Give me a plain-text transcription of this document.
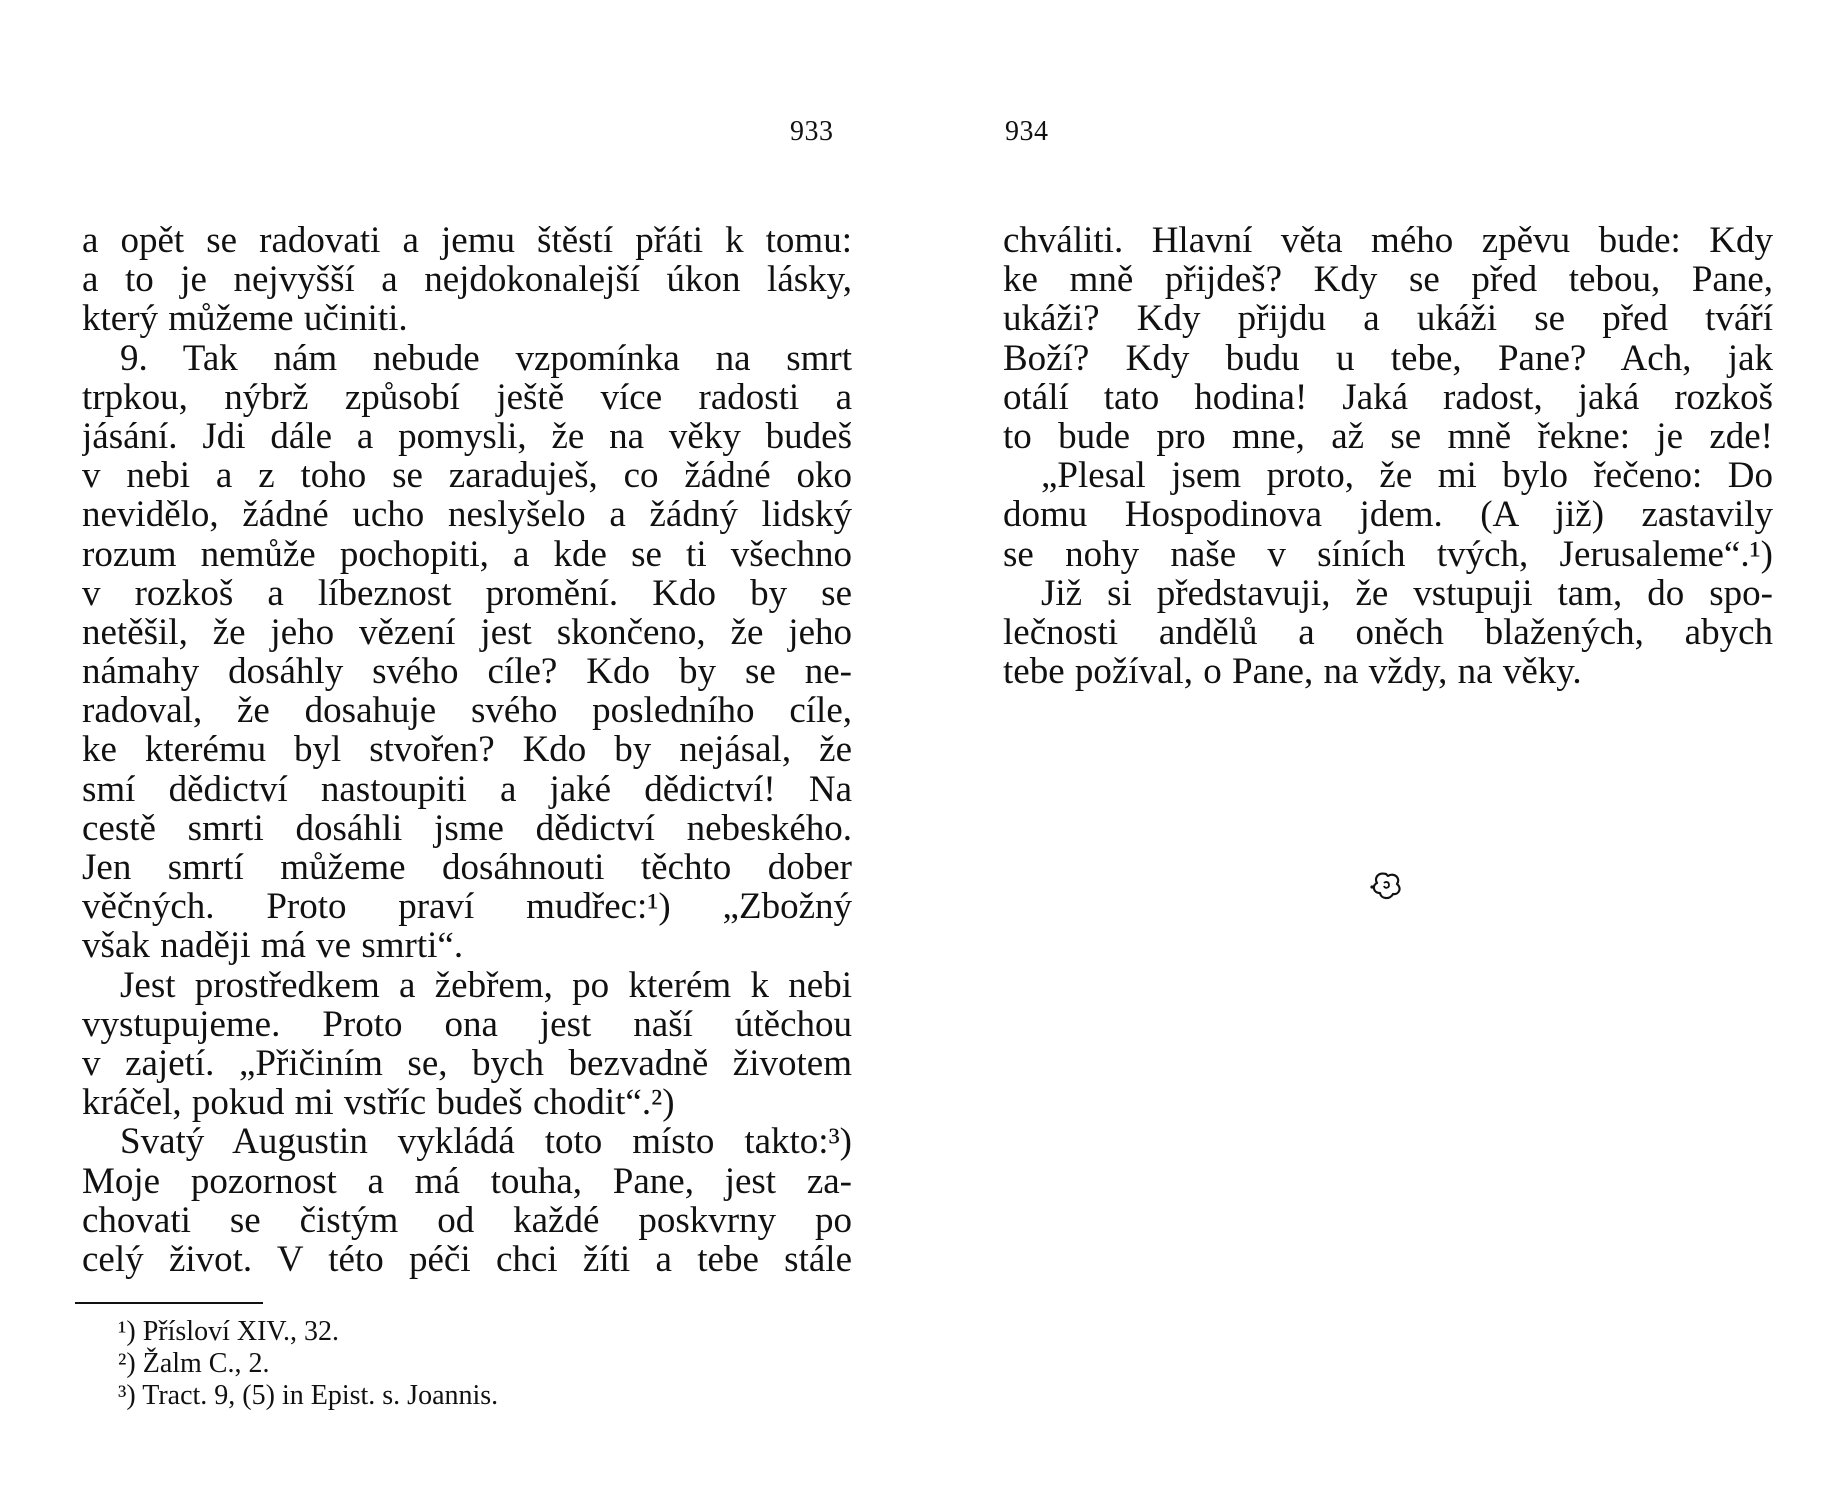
933	934
a opět se radovati a jemu štěstí přáti k tomu:
a to je nejvyšší a nejdokonalejší úkon lásky,
který můžeme učiniti.
9. Tak nám nebude vzpomínka na smrt
trpkou, nýbrž způsobí ještě více radosti a
jásání. Jdi dále a pomysli, že na věky budeš
v nebi a z toho se zaraduješ, co žádné oko
nevidělo, žádné ucho neslyšelo a žádný lidský
rozum nemůže pochopiti, a kde se ti všechno
v rozkoš a líbeznost promění. Kdo by se
netěšil, že jeho vězení jest skončeno, že jeho
námahy dosáhly svého cíle? Kdo by se ne-
radoval, že dosahuje svého posledního cíle,
ke kterému byl stvořen? Kdo by nejásal, že
smí dědictví nastoupiti a jaké dědictví! Na
cestě smrti dosáhli jsme dědictví nebeského.
Jen smrtí můžeme dosáhnouti těchto dober
věčných. Proto praví mudřec:¹) „Zbožný
však naději má ve smrti“.
Jest prostředkem a žebřem, po kterém k nebi
vystupujeme. Proto ona jest naší útěchou
v zajetí. „Přičiním se, bych bezvadně životem
kráčel, pokud mi vstříc budeš chodit“.²)
Svatý Augustin vykládá toto místo takto:³)
Moje pozornost a má touha, Pane, jest za-
chovati se čistým od každé poskvrny po
celý život. V této péči chci žíti a tebe stále
¹) Přísloví XIV., 32.
²) Žalm C., 2.
³) Tract. 9, (5) in Epist. s. Joannis.
chváliti. Hlavní věta mého zpěvu bude: Kdy
ke mně přijdeš? Kdy se před tebou, Pane,
ukáži? Kdy přijdu a ukáži se před tváří
Boží? Kdy budu u tebe, Pane? Ach, jak
otálí tato hodina! Jaká radost, jaká rozkoš
to bude pro mne, až se mně řekne: je zde!
„Plesal jsem proto, že mi bylo řečeno: Do
domu Hospodinova jdem. (A již) zastavily
se nohy naše v síních tvých, Jerusaleme“.¹)
Již si představuji, že vstupuji tam, do spo-
lečnosti andělů a oněch blažených, abych
tebe požíval, o Pane, na vždy, na věky.
